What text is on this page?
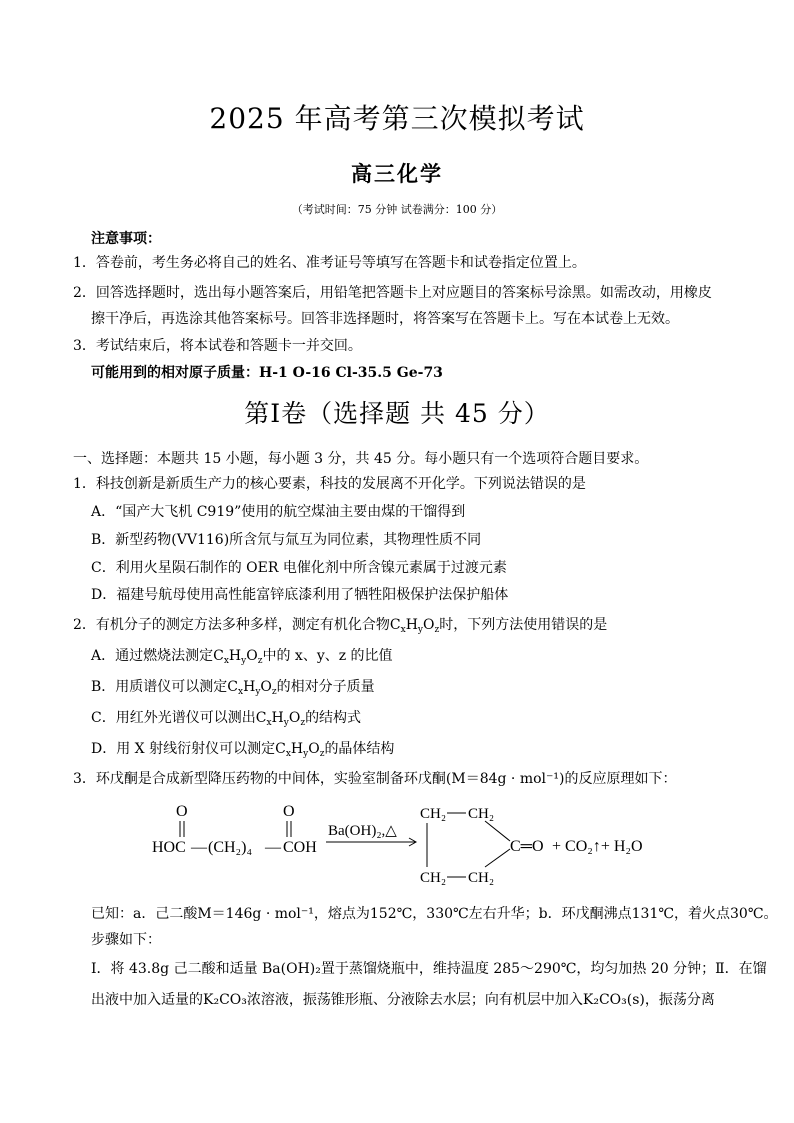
2025 年高考第三次模拟考试
高三化学
（考试时间：75 分钟 试卷满分：100 分）
注意事项：
1．答卷前，考生务必将自己的姓名、准考证号等填写在答题卡和试卷指定位置上。
2．回答选择题时，选出每小题答案后，用铅笔把答题卡上对应题目的答案标号涂黑。如需改动，用橡皮
擦干净后，再选涂其他答案标号。回答非选择题时，将答案写在答题卡上。写在本试卷上无效。
3．考试结束后，将本试卷和答题卡一并交回。
可能用到的相对原子质量：H-1 O-16 Cl-35.5 Ge-73
第Ⅰ卷（选择题 共 45 分）
一、选择题：本题共 15 小题，每小题 3 分，共 45 分。每小题只有一个选项符合题目要求。
1．科技创新是新质生产力的核心要素，科技的发展离不开化学。下列说法错误的是
A．“国产大飞机 C919”使用的航空煤油主要由煤的干馏得到
B．新型药物(VV116)所含氘与氚互为同位素，其物理性质不同
C．利用火星陨石制作的 OER 电催化剂中所含镍元素属于过渡元素
D．福建号航母使用高性能富锌底漆利用了牺牲阳极保护法保护船体
2．有机分子的测定方法多种多样，测定有机化合物$C_xH_yO_z$时，下列方法使用错误的是
A．通过燃烧法测定$C_xH_yO_z$中的 x、y、z 的比值
B．用质谱仪可以测定$C_xH_yO_z$的相对分子质量
C．用红外光谱仪可以测出$C_xH_yO_z$的结构式
D．用 X 射线衍射仪可以测定$C_xH_yO_z$的晶体结构
3．环戊酮是合成新型降压药物的中间体，实验室制备环戊酮(M＝84g · mol⁻¹)的反应原理如下：
O
HOC — (CH₂)₄ —
O
COH
Ba(OH)₂,△
CH₂ CH₂
C═O
CH₂ CH₂
+ CO₂↑+ H₂O
已知：a．己二酸M＝146g · mol⁻¹，熔点为152℃，330℃左右升华；b．环戊酮沸点131℃，着火点30℃。
步骤如下：
Ⅰ．将 43.8g 己二酸和适量 Ba(OH)₂置于蒸馏烧瓶中，维持温度 285～290℃，均匀加热 20 分钟；Ⅱ．在馏
出液中加入适量的K₂CO₃浓溶液，振荡锥形瓶、分液除去水层；向有机层中加入K₂CO₃(s)，振荡分离
